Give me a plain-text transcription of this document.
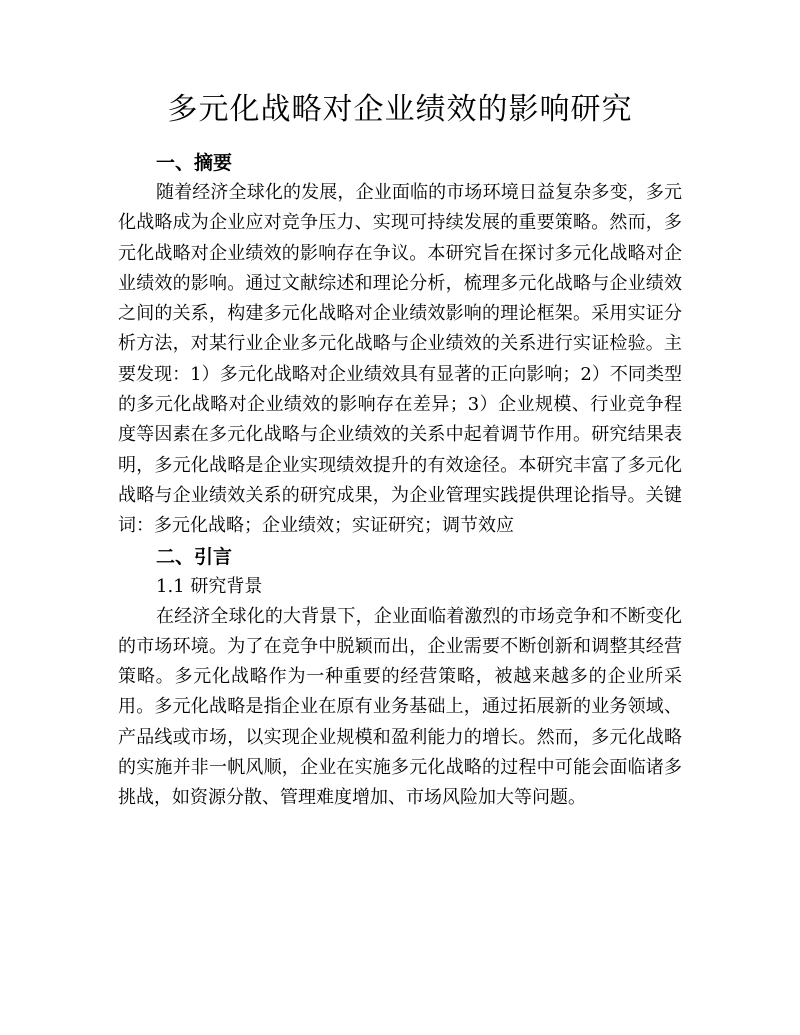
多元化战略对企业绩效的影响研究
一、摘要

随着经济全球化的发展，企业面临的市场环境日益复杂多变，多元化战略成为企业应对竞争压力、实现可持续发展的重要策略。然而，多元化战略对企业绩效的影响存在争议。本研究旨在探讨多元化战略对企业绩效的影响。通过文献综述和理论分析，梳理多元化战略与企业绩效之间的关系，构建多元化战略对企业绩效影响的理论框架。采用实证分析方法，对某行业企业多元化战略与企业绩效的关系进行实证检验。主要发现：1）多元化战略对企业绩效具有显著的正向影响；2）不同类型的多元化战略对企业绩效的影响存在差异；3）企业规模、行业竞争程度等因素在多元化战略与企业绩效的关系中起着调节作用。研究结果表明，多元化战略是企业实现绩效提升的有效途径。本研究丰富了多元化战略与企业绩效关系的研究成果，为企业管理实践提供理论指导。关键词：多元化战略；企业绩效；实证研究；调节效应

二、引言
1.1 研究背景

在经济全球化的大背景下，企业面临着激烈的市场竞争和不断变化的市场环境。为了在竞争中脱颖而出，企业需要不断创新和调整其经营策略。多元化战略作为一种重要的经营策略，被越来越多的企业所采用。多元化战略是指企业在原有业务基础上，通过拓展新的业务领域、产品线或市场，以实现企业规模和盈利能力的增长。然而，多元化战略的实施并非一帆风顺，企业在实施多元化战略的过程中可能会面临诸多挑战，如资源分散、管理难度增加、市场风险加大等问题。
